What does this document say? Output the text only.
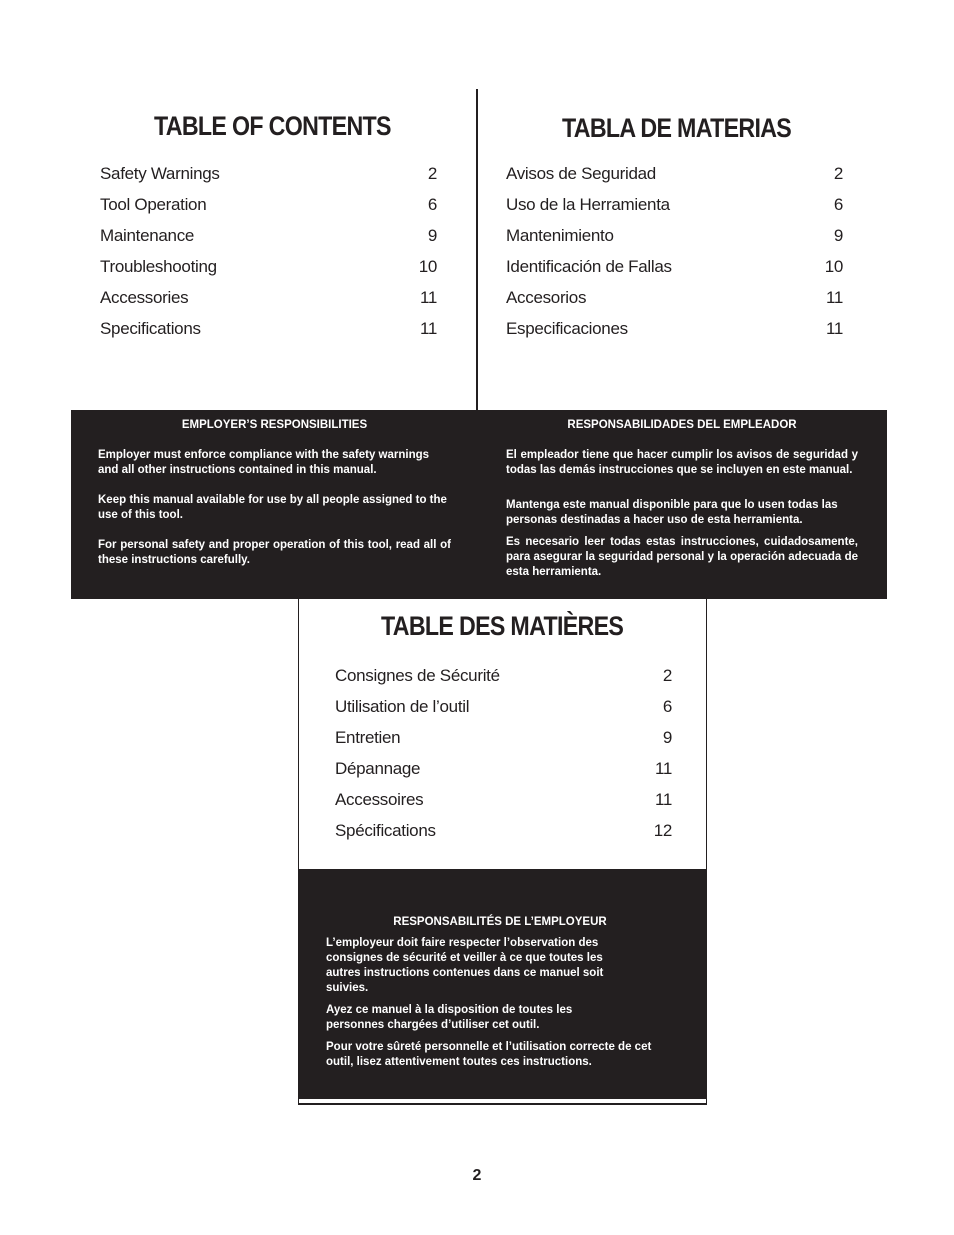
TABLE OF CONTENTS
Safety Warnings	2
Tool Operation	6
Maintenance	9
Troubleshooting	10
Accessories	11
Specifications	11
TABLA DE MATERIAS
Avisos de Seguridad	2
Uso de la Herramienta	6
Mantenimiento	9
Identificación de Fallas	10
Accesorios	11
Especificaciones	11
EMPLOYER’S RESPONSIBILITIES

Employer must enforce compliance with the safety warnings and all other instructions contained in this manual.

Keep this manual available for use by all people assigned to the use of this tool.

For personal safety and proper operation of this tool, read all of these instructions carefully.

RESPONSABILIDADES DEL EMPLEADOR

El empleador tiene que hacer cumplir los avisos de seguridad y todas las demás instrucciones que se incluyen en este manual.

Mantenga este manual disponible para que lo usen todas las personas destinadas a hacer uso de esta herramienta.

Es necesario leer todas estas instrucciones, cuidadosamente, para asegurar la seguridad personal y la operación adecuada de esta herramienta.

TABLE DES MATIÈRES
Consignes de Sécurité	2
Utilisation de l’outil	6
Entretien	9
Dépannage	11
Accessoires	11
Spécifications	12
RESPONSABILITÉS DE L’EMPLOYEUR

L’employeur doit faire respecter l’observation des consignes de sécurité et veiller à ce que toutes les autres instructions contenues dans ce manuel soit suivies.

Ayez ce manuel à la disposition de toutes les personnes chargées d’utiliser cet outil.

Pour votre sûreté personnelle et l’utilisation correcte de cet outil, lisez attentivement toutes ces instructions.

2
